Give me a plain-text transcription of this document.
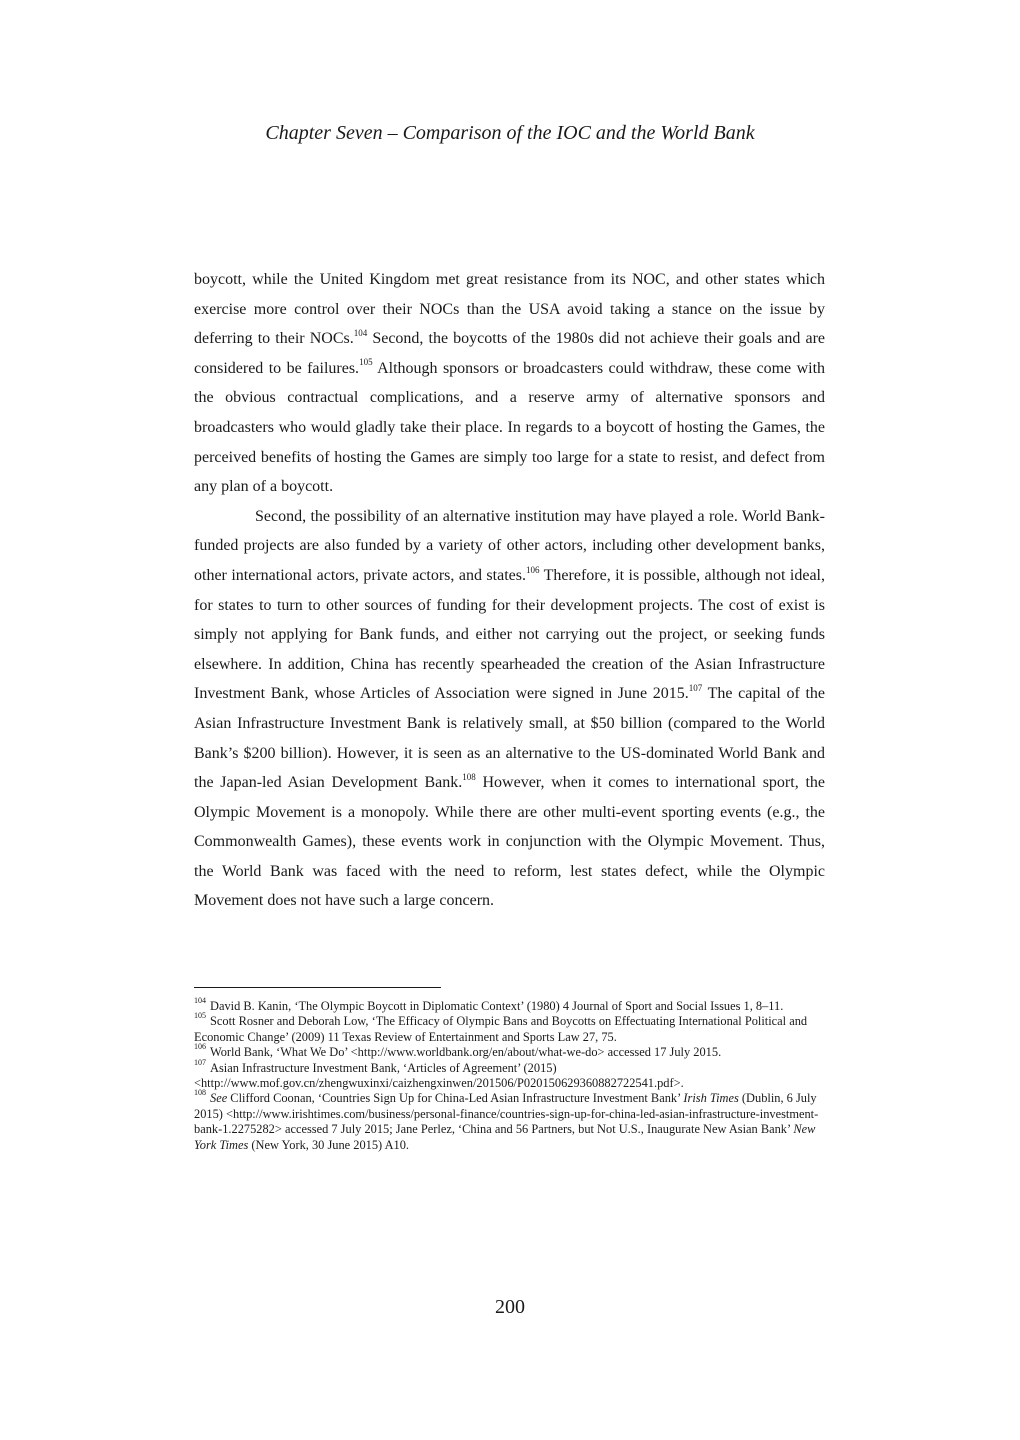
Chapter Seven – Comparison of the IOC and the World Bank

boycott, while the United Kingdom met great resistance from its NOC, and other states which exercise more control over their NOCs than the USA avoid taking a stance on the issue by deferring to their NOCs.$^{104}$ Second, the boycotts of the 1980s did not achieve their goals and are considered to be failures.$^{105}$ Although sponsors or broadcasters could withdraw, these come with the obvious contractual complications, and a reserve army of alternative sponsors and broadcasters who would gladly take their place. In regards to a boycott of hosting the Games, the perceived benefits of hosting the Games are simply too large for a state to resist, and defect from any plan of a boycott.

Second, the possibility of an alternative institution may have played a role. World Bank-funded projects are also funded by a variety of other actors, including other development banks, other international actors, private actors, and states.$^{106}$ Therefore, it is possible, although not ideal, for states to turn to other sources of funding for their development projects. The cost of exist is simply not applying for Bank funds, and either not carrying out the project, or seeking funds elsewhere. In addition, China has recently spearheaded the creation of the Asian Infrastructure Investment Bank, whose Articles of Association were signed in June 2015.$^{107}$ The capital of the Asian Infrastructure Investment Bank is relatively small, at $50 billion (compared to the World Bank’s $200 billion). However, it is seen as an alternative to the US-dominated World Bank and the Japan-led Asian Development Bank.$^{108}$ However, when it comes to international sport, the Olympic Movement is a monopoly. While there are other multi-event sporting events (e.g., the Commonwealth Games), these events work in conjunction with the Olympic Movement. Thus, the World Bank was faced with the need to reform, lest states defect, while the Olympic Movement does not have such a large concern.

$^{104}$ David B. Kanin, ‘The Olympic Boycott in Diplomatic Context’ (1980) 4 Journal of Sport and Social Issues 1, 8–11.

$^{105}$ Scott Rosner and Deborah Low, ‘The Efficacy of Olympic Bans and Boycotts on Effectuating International Political and Economic Change’ (2009) 11 Texas Review of Entertainment and Sports Law 27, 75.

$^{106}$ World Bank, ‘What We Do’ <http://www.worldbank.org/en/about/what-we-do> accessed 17 July 2015.

$^{107}$ Asian Infrastructure Investment Bank, ‘Articles of Agreement’ (2015)
<http://www.mof.gov.cn/zhengwuxinxi/caizhengxinwen/201506/P020150629360882722541.pdf>.

$^{108}$ See Clifford Coonan, ‘Countries Sign Up for China-Led Asian Infrastructure Investment Bank’ Irish Times (Dublin, 6 July 2015) <http://www.irishtimes.com/business/personal-finance/countries-sign-up-for-china-led-asian-infrastructure-investment-bank-1.2275282> accessed 7 July 2015; Jane Perlez, ‘China and 56 Partners, but Not U.S., Inaugurate New Asian Bank’ New York Times (New York, 30 June 2015) A10.

200
